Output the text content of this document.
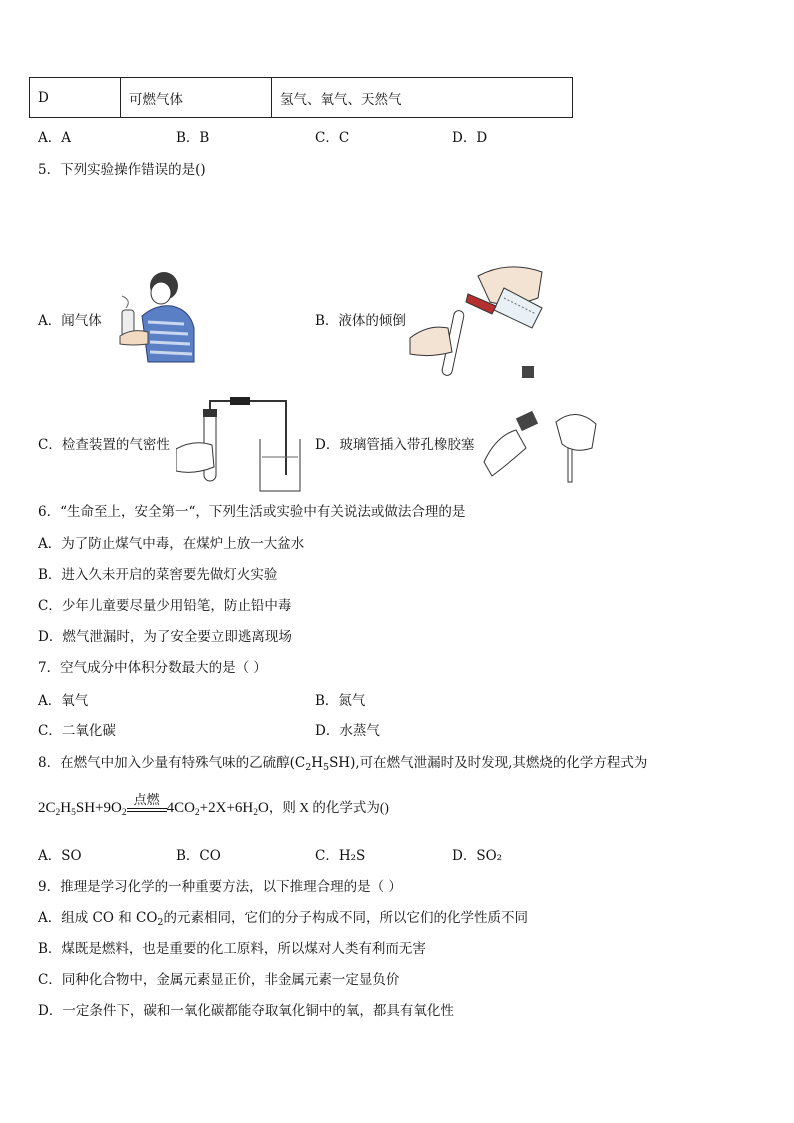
D	可燃气体	氢气、氧气、天然气
A．A	B．B	C．C	D．D
5．下列实验操作错误的是()
A．闻气体	B．液体的倾倒
C．检查装置的气密性	D．玻璃管插入带孔橡胶塞
6．“生命至上，安全第一“，下列生活或实验中有关说法或做法合理的是
A．为了防止煤气中毒，在煤炉上放一大盆水
B．进入久未开启的菜窖要先做灯火实验
C．少年儿童要尽量少用铅笔，防止铅中毒
D．燃气泄漏时，为了安全要立即逃离现场
7．空气成分中体积分数最大的是（ ）
A．氧气	B．氮气
C．二氧化碳	D．水蒸气
8．在燃气中加入少量有特殊气味的乙硫醇$(C_2H_5SH)$,可在燃气泄漏时及时发现,其燃烧的化学方程式为
$2C_2H_5SH+9O_2$
点燃
$4CO_2+2X+6H_2O$，则 X 的化学式为()
A．SO	B．CO	C．H₂S	D．SO₂
9．推理是学习化学的一种重要方法，以下推理合理的是（ ）
A．组成 CO 和 $CO_2$的元素相同，它们的分子构成不同，所以它们的化学性质不同
B．煤既是燃料，也是重要的化工原料，所以煤对人类有利而无害
C．同种化合物中，金属元素显正价，非金属元素一定显负价
D．一定条件下，碳和一氧化碳都能夺取氧化铜中的氧，都具有氧化性
